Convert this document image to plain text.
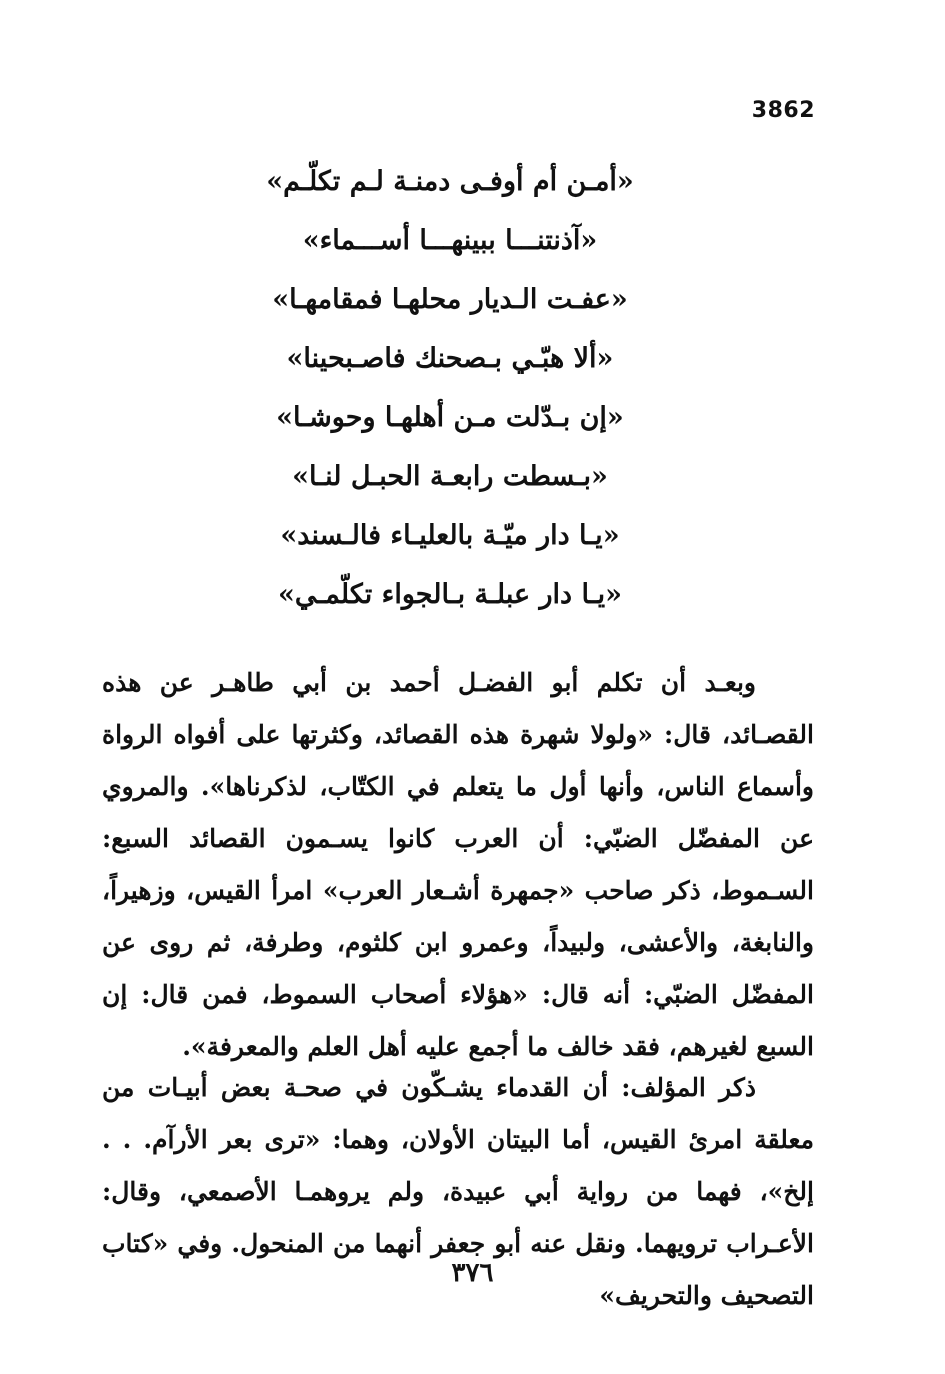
3862
«أمـن أم أوفـى دمنـة لـم تكلّـم»
«آذنتنـــا ببينهـــا أســـماء»
«عفـت الـديار محلهـا فمقامهـا»
«ألا هبّـي بـصحنك فاصـبحينا»
«إن بـدّلت مـن أهلهـا وحوشـا»
«بـسطت رابعـة الحبـل لنـا»
«يـا دار ميّـة بالعليـاء فالـسند»
«يـا دار عبلـة بـالجواء تكلّمـي»

وبعـد أن تكلم أبو الفضـل أحمد بن أبي طاهـر عن هذه القصـائد، قال: «ولولا شهرة هذه القصائد، وكثرتها على أفواه الرواة وأسماع الناس، وأنها أول ما يتعلم في الكتّاب، لذكرناها». والمروي عن المفضّل الضبّي: أن العرب كانوا يسـمون القصائد السبع: السـموط، ذكر صاحب «جمهرة أشـعار العرب» امرأ القيس، وزهيراً، والنابغة، والأعشى، ولبيداً، وعمرو ابن كلثوم، وطرفة، ثم روى عن المفضّل الضبّي: أنه قال: «هؤلاء أصحاب السموط، فمن قال: إن السبع لغيرهم، فقد خالف ما أجمع عليه أهل العلم والمعرفة».

ذكر المؤلف: أن القدماء يشـكّون في صحـة بعض أبيـات من معلقة امرئ القيس، أما البيتان الأولان، وهما: «ترى بعر الأرآم. . . إلخ»، فهما من رواية أبي عبيدة، ولم يروهمـا الأصمعي، وقال: الأعـراب ترويهما. ونقل عنه أبو جعفر أنهما من المنحول. وفي «كتاب التصحيف والتحريف»

٣٧٦
